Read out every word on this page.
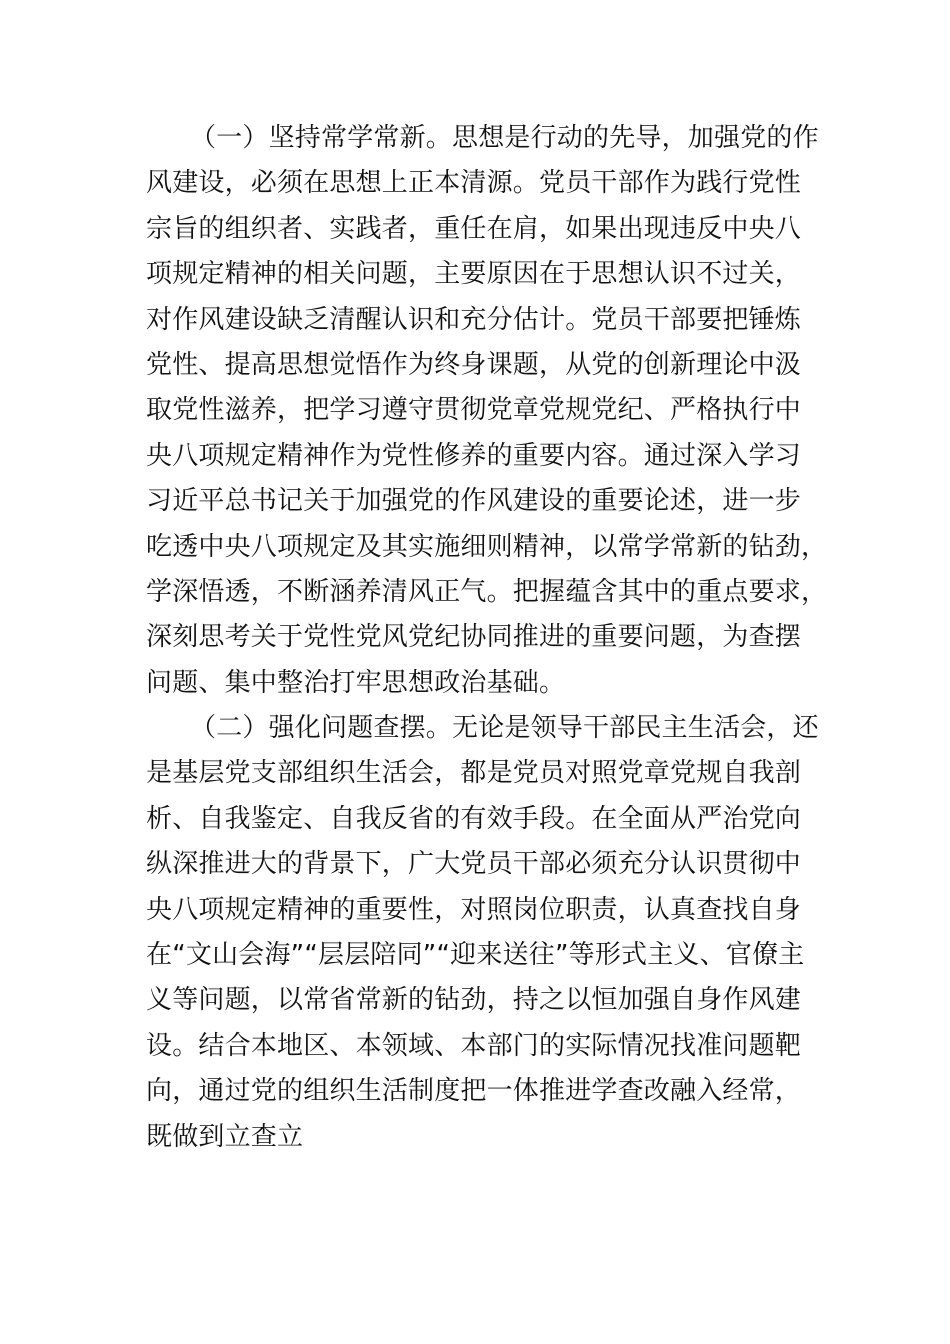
（一）坚持常学常新。思想是行动的先导，加强党的作
风建设，必须在思想上正本清源。党员干部作为践行党性
宗旨的组织者、实践者，重任在肩，如果出现违反中央八
项规定精神的相关问题，主要原因在于思想认识不过关，
对作风建设缺乏清醒认识和充分估计。党员干部要把锤炼
党性、提高思想觉悟作为终身课题，从党的创新理论中汲
取党性滋养，把学习遵守贯彻党章党规党纪、严格执行中
央八项规定精神作为党性修养的重要内容。通过深入学习
习近平总书记关于加强党的作风建设的重要论述，进一步
吃透中央八项规定及其实施细则精神，以常学常新的钻劲，
学深悟透，不断涵养清风正气。把握蕴含其中的重点要求，
深刻思考关于党性党风党纪协同推进的重要问题，为查摆
问题、集中整治打牢思想政治基础。
（二）强化问题查摆。无论是领导干部民主生活会，还
是基层党支部组织生活会，都是党员对照党章党规自我剖
析、自我鉴定、自我反省的有效手段。在全面从严治党向
纵深推进大的背景下，广大党员干部必须充分认识贯彻中
央八项规定精神的重要性，对照岗位职责，认真查找自身
在“文山会海”“层层陪同”“迎来送往”等形式主义、官僚主
义等问题，以常省常新的钻劲，持之以恒加强自身作风建
设。结合本地区、本领域、本部门的实际情况找准问题靶
向，通过党的组织生活制度把一体推进学查改融入经常，
既做到立查立
